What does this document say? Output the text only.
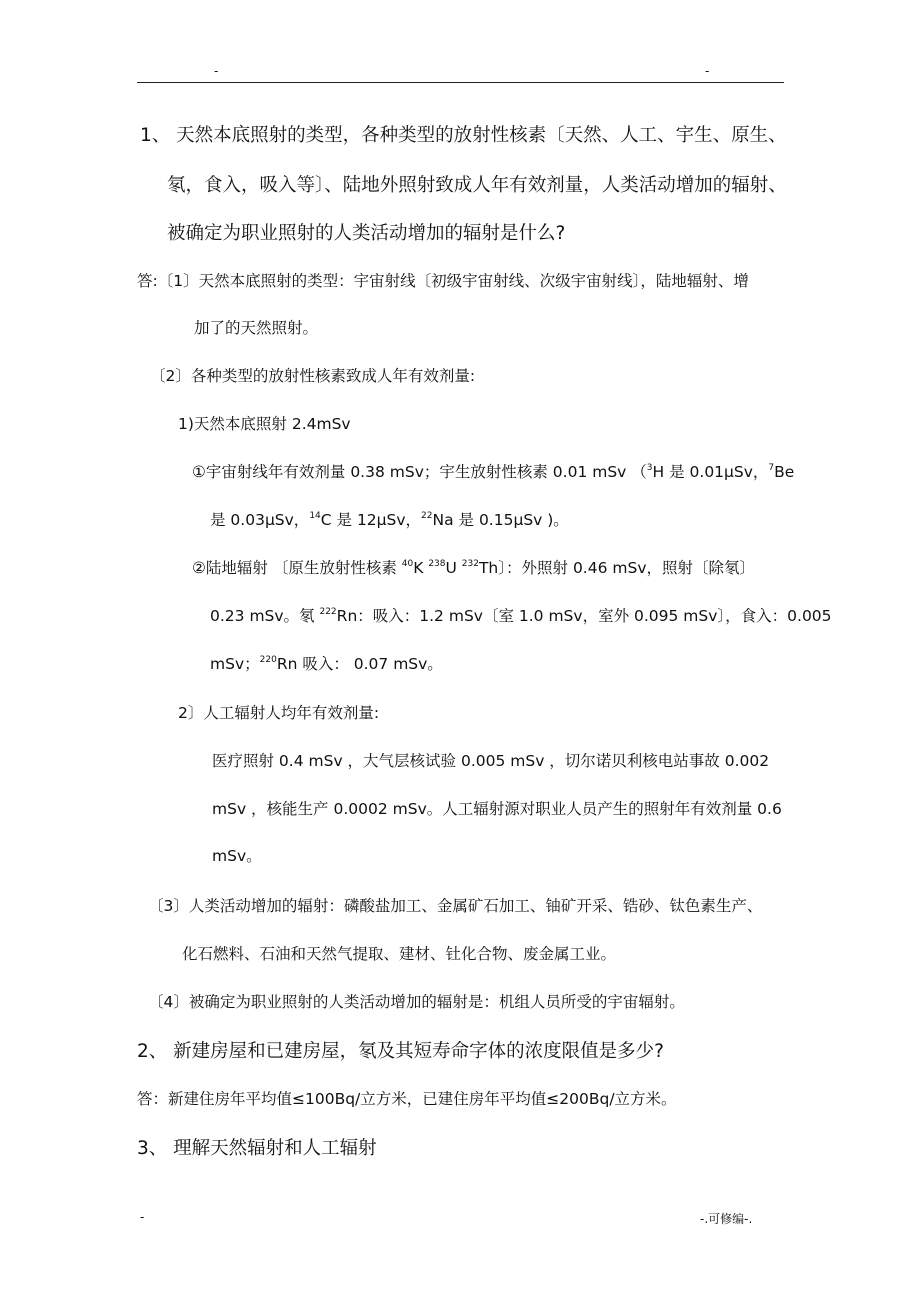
-	-
1、 天然本底照射的类型，各种类型的放射性核素〔天然、人工、宇生、原生、
氡，食入，吸入等〕、陆地外照射致成人年有效剂量，人类活动增加的辐射、
被确定为职业照射的人类活动增加的辐射是什么?
答:〔1〕天然本底照射的类型：宇宙射线〔初级宇宙射线、次级宇宙射线〕，陆地辐射、增
加了的天然照射。
〔2〕各种类型的放射性核素致成人年有效剂量:
1)天然本底照射 2.4mSv
①宇宙射线年有效剂量 0.38 mSv；宇生放射性核素 0.01 mSv （$^3$H 是 0.01μSv，$^7$Be
是 0.03μSv，$^{14}$C 是 12μSv，$^{22}$Na 是 0.15μSv )。
②陆地辐射 〔原生放射性核素 $^{40}$K $^{238}$U $^{232}$Th〕：外照射 0.46 mSv，照射〔除氡〕
0.23 mSv。氡 $^{222}$Rn：吸入：1.2 mSv〔室 1.0 mSv，室外 0.095 mSv〕，食入：0.005
mSv；$^{220}$Rn 吸入： 0.07 mSv。
2〕人工辐射人均年有效剂量:
医疗照射 0.4 mSv ，大气层核试验 0.005 mSv ，切尔诺贝利核电站事故 0.002
mSv ，核能生产 0.0002 mSv。人工辐射源对职业人员产生的照射年有效剂量 0.6
mSv。
〔3〕人类活动增加的辐射：磷酸盐加工、金属矿石加工、铀矿开采、锆砂、钛色素生产、
化石燃料、石油和天然气提取、建材、钍化合物、废金属工业。
〔4〕被确定为职业照射的人类活动增加的辐射是：机组人员所受的宇宙辐射。
2、 新建房屋和已建房屋，氡及其短寿命字体的浓度限值是多少?
答：新建住房年平均值≤100Bq/立方米，已建住房年平均值≤200Bq/立方米。
3、 理解天然辐射和人工辐射
-	-.可修编-.
